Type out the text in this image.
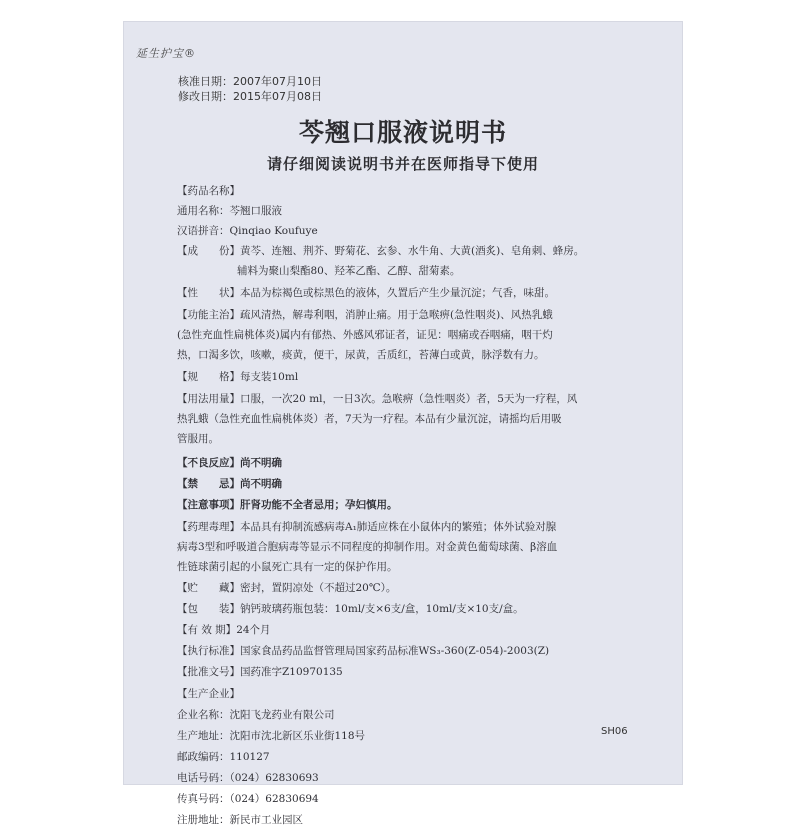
延生护宝®
核准日期：2007年07月10日
修改日期：2015年07月08日
芩翘口服液说明书
请仔细阅读说明书并在医师指导下使用
【药品名称】
通用名称：芩翘口服液
汉语拼音：Qinqiao Koufuye
【成　　份】黄芩、连翘、荆芥、野菊花、玄参、水牛角、大黄(酒炙)、皂角刺、蜂房。
辅料为聚山梨酯80、羟苯乙酯、乙醇、甜菊素。
【性　　状】本品为棕褐色或棕黑色的液体，久置后产生少量沉淀；气香，味甜。
【功能主治】疏风清热，解毒利咽，消肿止痛。用于急喉痹(急性咽炎)、风热乳蛾
(急性充血性扁桃体炎)属内有郁热、外感风邪证者，证见：咽痛或吞咽痛，咽干灼
热，口渴多饮，咳嗽，痰黄，便干，尿黄，舌质红，苔薄白或黄，脉浮数有力。
【规　　格】每支装10ml
【用法用量】口服，一次20 ml，一日3次。急喉痹（急性咽炎）者，5天为一疗程，风
热乳蛾（急性充血性扁桃体炎）者，7天为一疗程。本品有少量沉淀，请摇均后用吸
管服用。
【不良反应】尚不明确
【禁　　忌】尚不明确
【注意事项】肝肾功能不全者忌用；孕妇慎用。
【药理毒理】本品具有抑制流感病毒A₁肺适应株在小鼠体内的繁殖；体外试验对腺
病毒3型和呼吸道合胞病毒等显示不同程度的抑制作用。对金黄色葡萄球菌、β溶血
性链球菌引起的小鼠死亡具有一定的保护作用。
【贮　　藏】密封，置阴凉处（不超过20℃）。
【包　　装】钠钙玻璃药瓶包装：10ml/支×6支/盒，10ml/支×10支/盒。
【有 效 期】24个月
【执行标准】国家食品药品监督管理局国家药品标准WS₃-360(Z-054)-2003(Z)
【批准文号】国药准字Z10970135
【生产企业】
企业名称：沈阳飞龙药业有限公司
生产地址：沈阳市沈北新区乐业街118号
邮政编码：110127
电话号码：（024）62830693
传真号码：（024）62830694
注册地址：新民市工业园区
SH06
